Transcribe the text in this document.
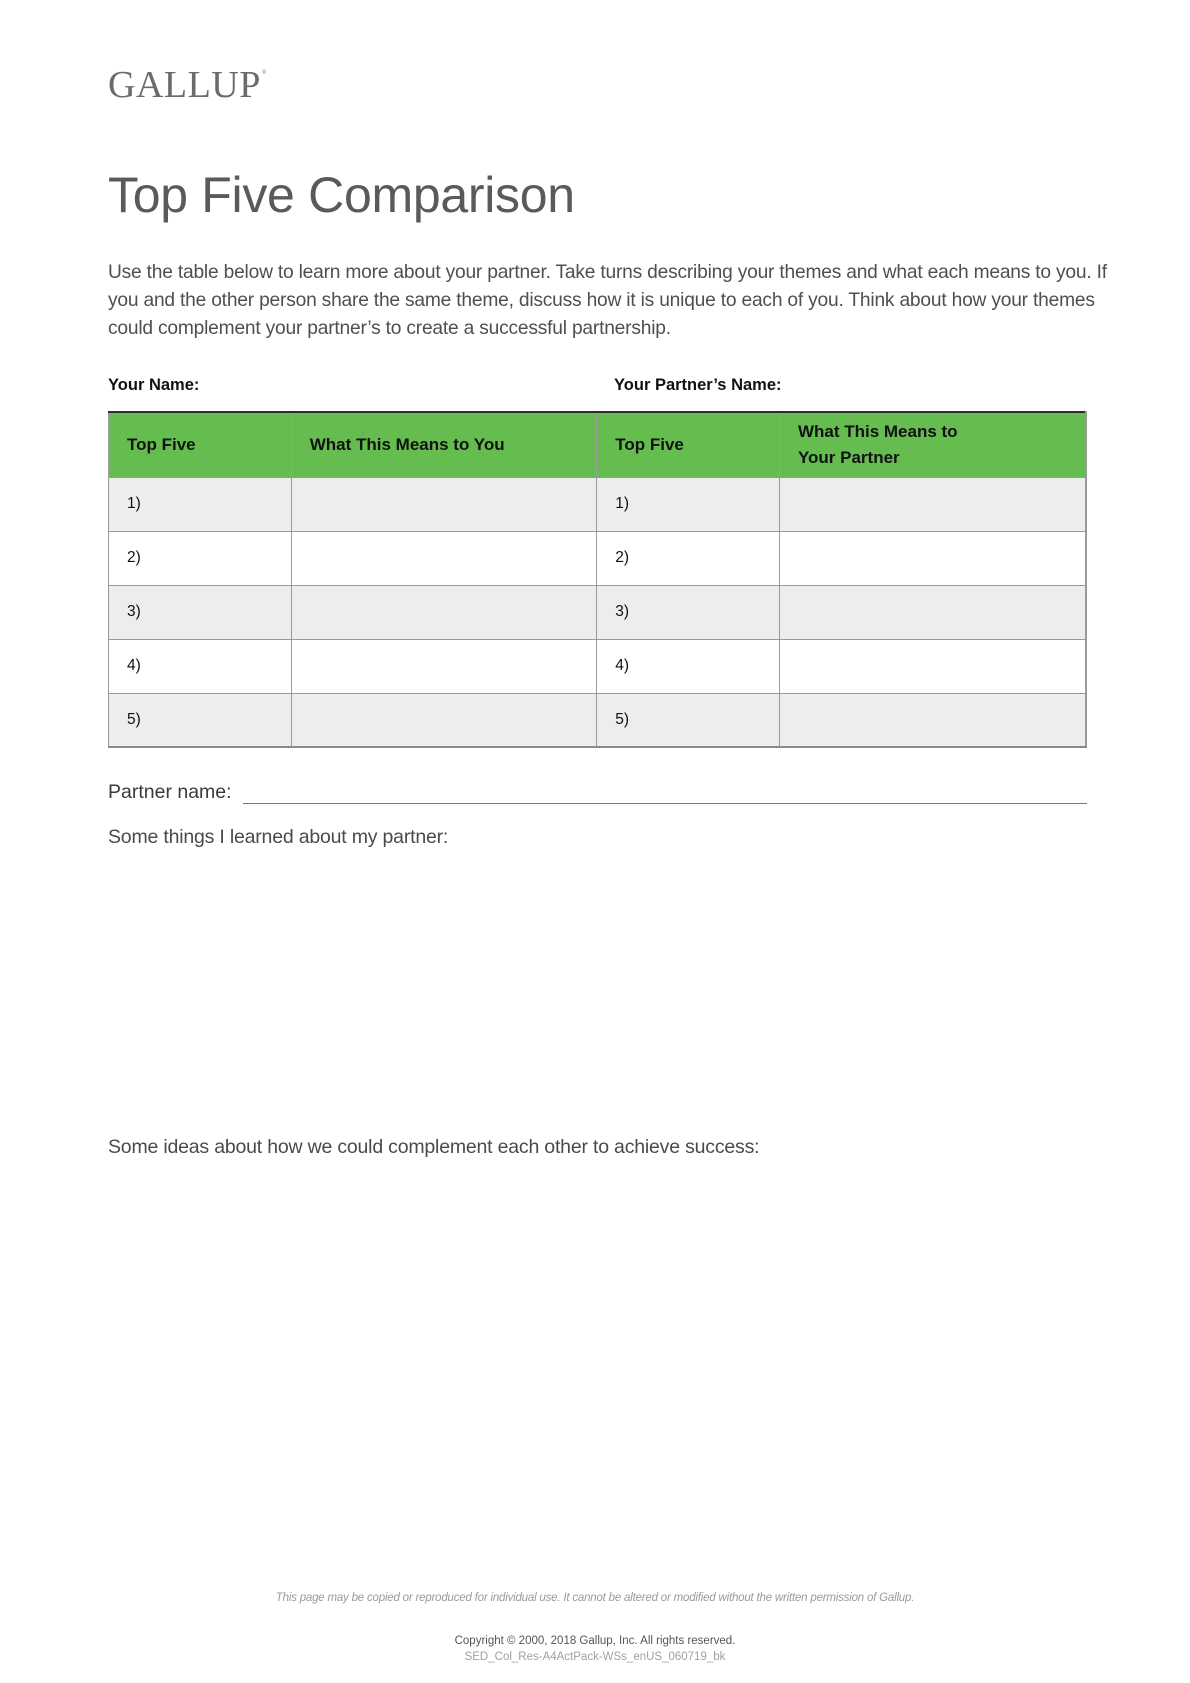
GALLUP®
Top Five Comparison

Use the table below to learn more about your partner. Take turns describing your themes and what each means to you. If you and the other person share the same theme, discuss how it is unique to each of you. Think about how your themes could complement your partner’s to create a successful partnership.

Your Name:	Your Partner’s Name:
Top Five	What This Means to You	Top Five	What This Means to
Your Partner
1)		1)	
2)		2)	
3)		3)	
4)		4)	
5)		5)	
Partner name:
Some things I learned about my partner:
Some ideas about how we could complement each other to achieve success:
This page may be copied or reproduced for individual use. It cannot be altered or modified without the written permission of Gallup.
Copyright © 2000, 2018 Gallup, Inc. All rights reserved.
SED_Col_Res-A4ActPack-WSs_enUS_060719_bk
